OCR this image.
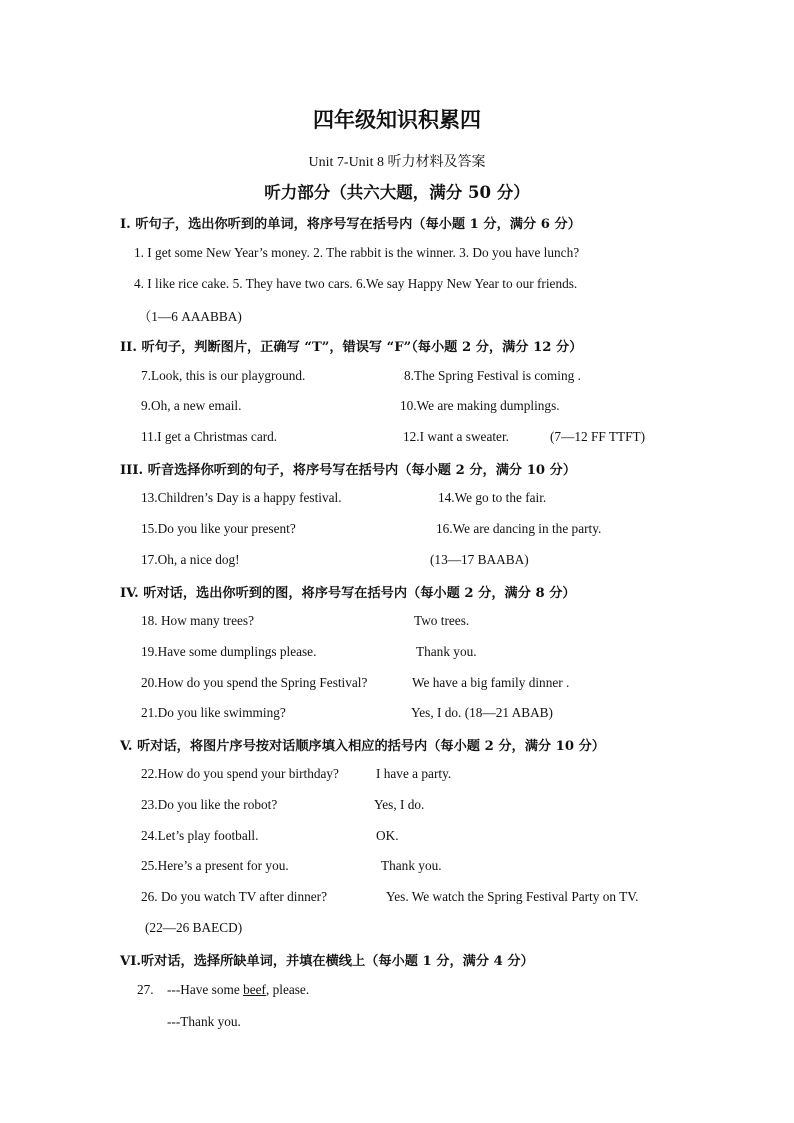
四年级知识积累四
Unit 7-Unit 8 听力材料及答案
听力部分（共六大题，满分 50 分）
I. 听句子，选出你听到的单词，将序号写在括号内（每小题 1 分，满分 6 分）
1. I get some New Year’s money. 2. The rabbit is the winner. 3. Do you have lunch?
4. I like rice cake. 5. They have two cars. 6.We say Happy New Year to our friends.
（1—6 AAABBA)
II. 听句子，判断图片，正确写 “T”，错误写 “F”（每小题 2 分，满分 12 分）
7.Look, this is our playground.	8.The Spring Festival is coming .
9.Oh, a new email.	10.We are making dumplings.
11.I get a Christmas card.	12.I want a sweater.	(7—12 FF TTFT)
III. 听音选择你听到的句子，将序号写在括号内（每小题 2 分，满分 10 分）
13.Children’s Day is a happy festival.	14.We go to the fair.
15.Do you like your present?	16.We are dancing in the party.
17.Oh, a nice dog!	(13—17 BAABA)
IV. 听对话，选出你听到的图，将序号写在括号内（每小题 2 分，满分 8 分）
18. How many trees?	Two trees.
19.Have some dumplings please.	Thank you.
20.How do you spend the Spring Festival?	We have a big family dinner .
21.Do you like swimming?	Yes, I do. (18—21 ABAB)
V. 听对话，将图片序号按对话顺序填入相应的括号内（每小题 2 分，满分 10 分）
22.How do you spend your birthday?	I have a party.
23.Do you like the robot?	Yes, I do.
24.Let’s play football.	OK.
25.Here’s a present for you.	Thank you.
26. Do you watch TV after dinner?	Yes. We watch the Spring Festival Party on TV.
(22—26 BAECD)
VI.听对话，选择所缺单词，并填在横线上（每小题 1 分，满分 4 分）
27. ---Have some beef, please.
---Thank you.
